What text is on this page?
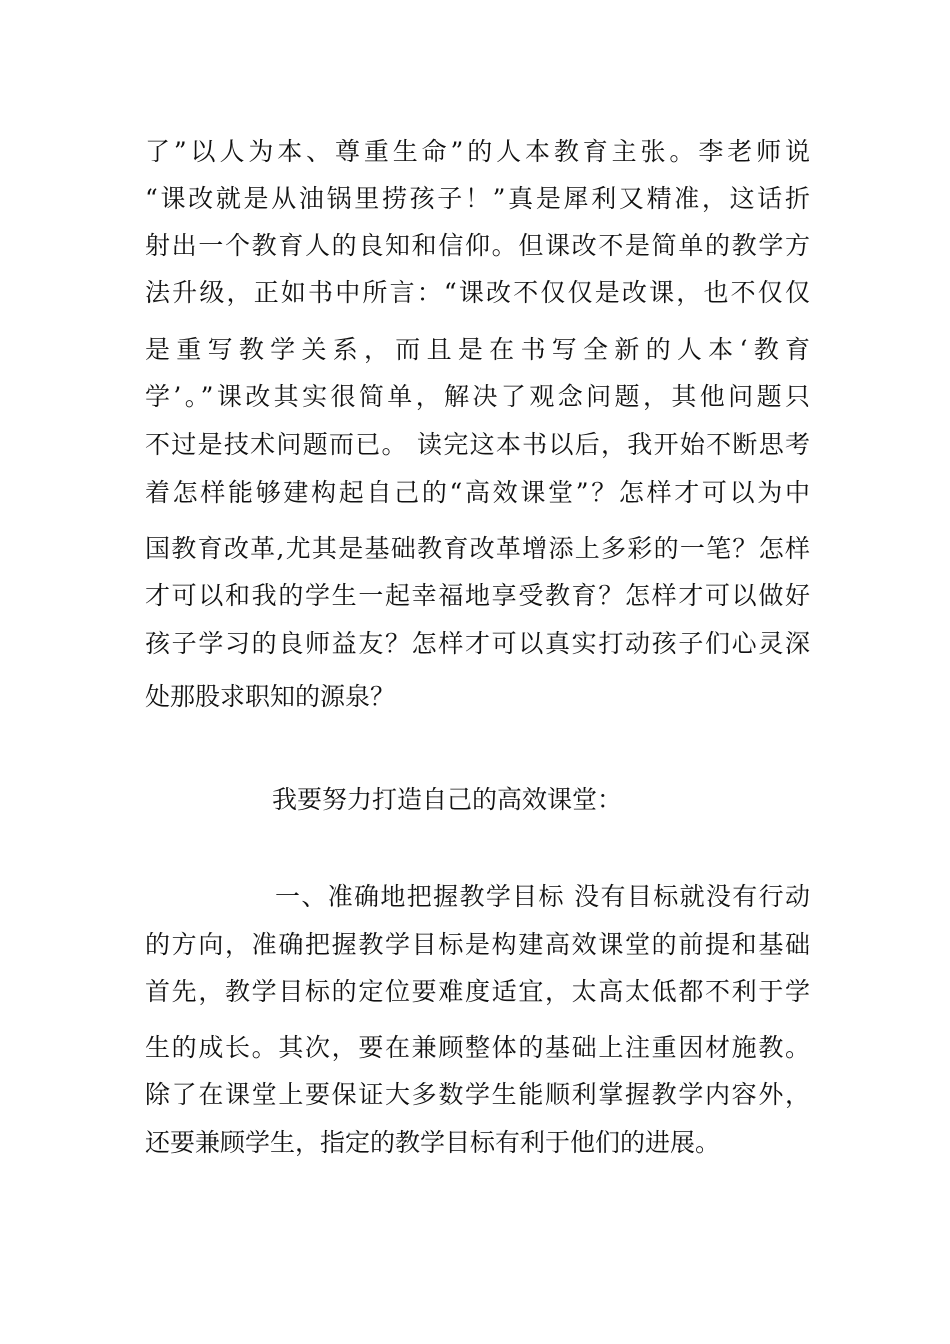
了”以人为本、尊重生命”的人本教育主张。李老师说
“课改就是从油锅里捞孩子！”真是犀利又精准，这话折
射出一个教育人的良知和信仰。但课改不是简单的教学方
法升级，正如书中所言：“课改不仅仅是改课，也不仅仅
是重写教学关系，而且是在书写全新的人本‘教育
学’。”课改其实很简单，解决了观念问题，其他问题只
不过是技术问题而已。 读完这本书以后，我开始不断思考
着怎样能够建构起自己的“高效课堂”？怎样才可以为中
国教育改革,尤其是基础教育改革增添上多彩的一笔？怎样
才可以和我的学生一起幸福地享受教育？怎样才可以做好
孩子学习的良师益友？怎样才可以真实打动孩子们心灵深
处那股求职知的源泉？
我要努力打造自己的高效课堂：
一、准确地把握教学目标 没有目标就没有行动
的方向，准确把握教学目标是构建高效课堂的前提和基础
首先，教学目标的定位要难度适宜，太高太低都不利于学
生的成长。其次，要在兼顾整体的基础上注重因材施教。
除了在课堂上要保证大多数学生能顺利掌握教学内容外，
还要兼顾学生，指定的教学目标有利于他们的进展。
